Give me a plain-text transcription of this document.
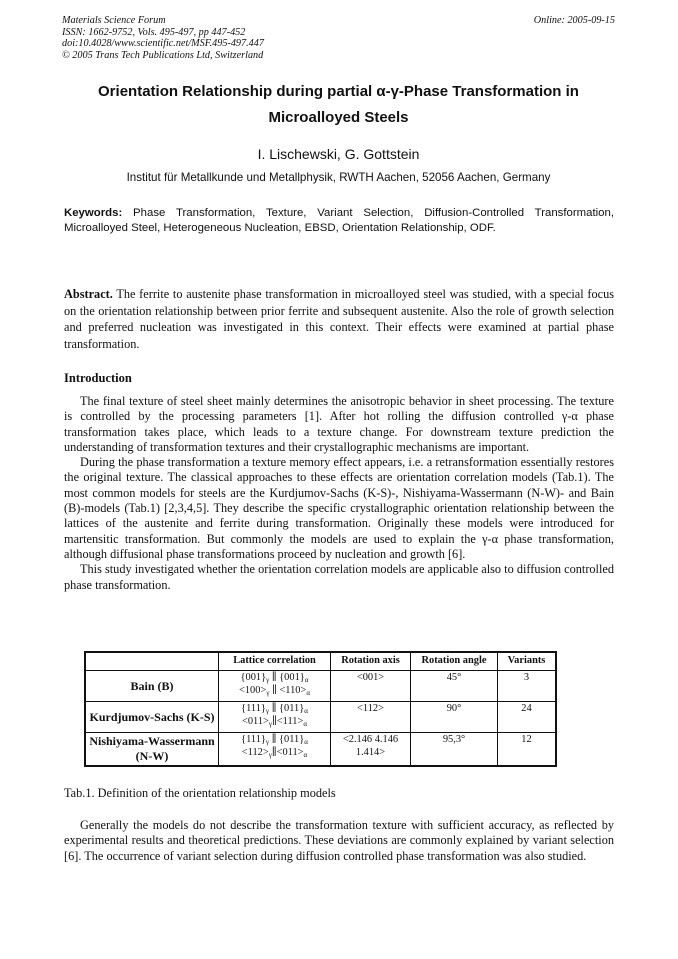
Materials Science Forum
ISSN: 1662-9752, Vols. 495-497, pp 447-452
doi:10.4028/www.scientific.net/MSF.495-497.447
© 2005 Trans Tech Publications Ltd, Switzerland
Online: 2005-09-15
Orientation Relationship during partial α-γ-Phase Transformation in Microalloyed Steels
I. Lischewski, G. Gottstein
Institut für Metallkunde und Metallphysik, RWTH Aachen, 52056 Aachen, Germany
Keywords: Phase Transformation, Texture, Variant Selection, Diffusion-Controlled Transformation, Microalloyed Steel, Heterogeneous Nucleation, EBSD, Orientation Relationship, ODF.
Abstract. The ferrite to austenite phase transformation in microalloyed steel was studied, with a special focus on the orientation relationship between prior ferrite and subsequent austenite. Also the role of growth selection and preferred nucleation was investigated in this context. Their effects were examined at partial phase transformation.
Introduction

The final texture of steel sheet mainly determines the anisotropic behavior in sheet processing. The texture is controlled by the processing parameters [1]. After hot rolling the diffusion controlled γ-α phase transformation takes place, which leads to a texture change. For downstream texture prediction the understanding of transformation textures and their crystallographic mechanisms are important.

During the phase transformation a texture memory effect appears, i.e. a retransformation essentially restores the original texture. The classical approaches to these effects are orientation correlation models (Tab.1). The most common models for steels are the Kurdjumov-Sachs (K-S)-, Nishiyama-Wassermann (N-W)- and Bain (B)-models (Tab.1) [2,3,4,5]. They describe the specific crystallographic orientation relationship between the lattices of the austenite and ferrite during transformation. Originally these models were introduced for martensitic transformation. But commonly the models are used to explain the γ-α phase transformation, although diffusional phase transformations proceed by nucleation and growth [6].

This study investigated whether the orientation correlation models are applicable also to diffusion controlled phase transformation.

	Lattice correlation	Rotation axis	Rotation angle	Variants
Bain (B)	$\{001\}_\gamma$ ∥ $\{001\}_\alpha$
$<100>_\gamma$ ∥ $<110>_\alpha$	<001>	45°	3
Kurdjumov-Sachs (K-S)	$\{111\}_\gamma$ ∥ $\{011\}_\alpha$
$<011>_\gamma\parallel<111>_\alpha$	<112>	90°	24
Nishiyama-Wassermann (N-W)	$\{111\}_\gamma$ ∥ $\{011\}_\alpha$
$<112>_\gamma\parallel<011>_\alpha$	<2.146 4.146 1.414>	95,3°	12
Tab.1. Definition of the orientation relationship models
Generally the models do not describe the transformation texture with sufficient accuracy, as reflected by experimental results and theoretical predictions. These deviations are commonly explained by variant selection [6]. The occurrence of variant selection during diffusion controlled phase transformation was also studied.
